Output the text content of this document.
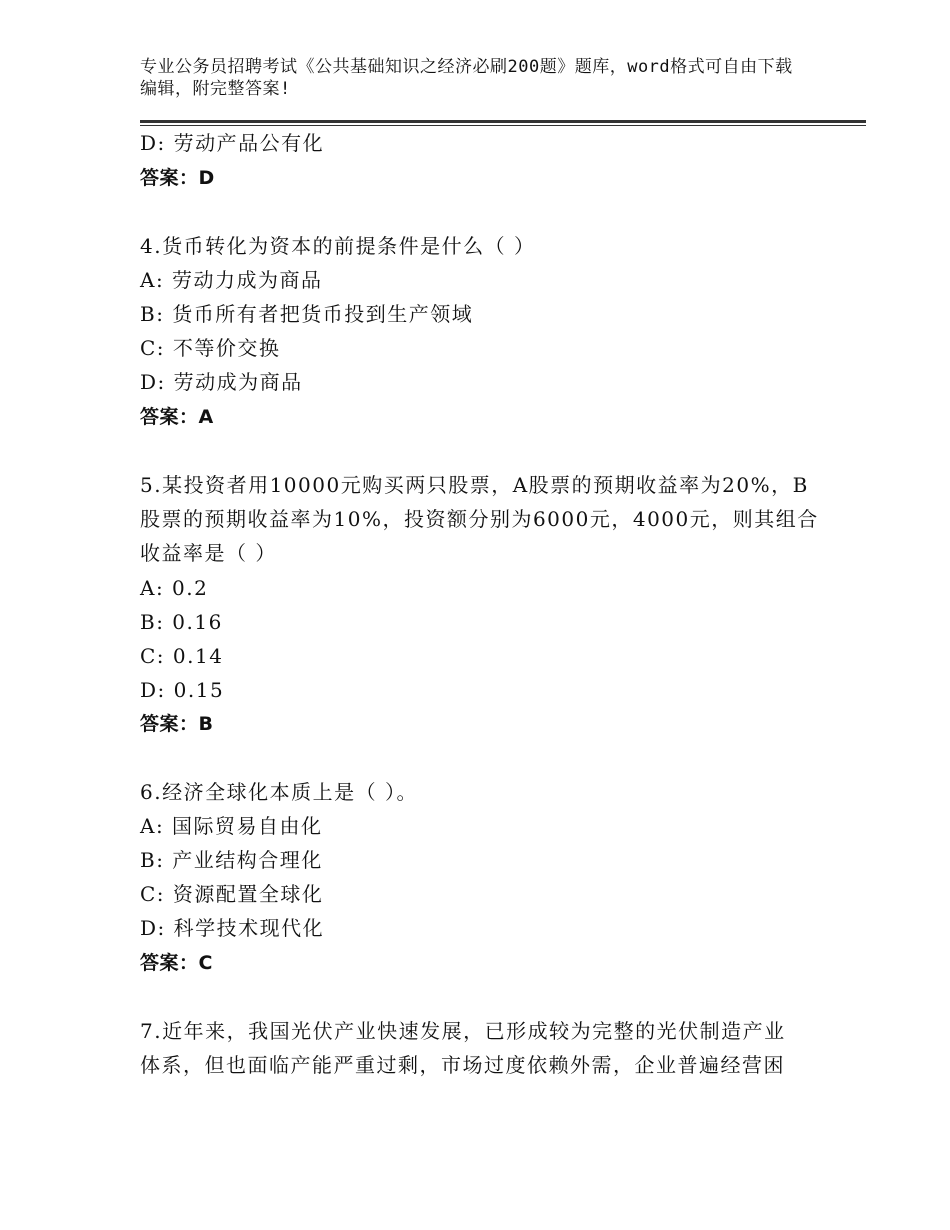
专业公务员招聘考试《公共基础知识之经济必刷200题》题库，word格式可自由下载编辑，附完整答案!
D: 劳动产品公有化
答案：D
4.货币转化为资本的前提条件是什么（ ）
A: 劳动力成为商品
B: 货币所有者把货币投到生产领域
C: 不等价交换
D: 劳动成为商品
答案：A
5.某投资者用10000元购买两只股票，A股票的预期收益率为20%，B
股票的预期收益率为10%，投资额分别为6000元，4000元，则其组合
收益率是（ ）
A: 0.2
B: 0.16
C: 0.14
D: 0.15
答案：B
6.经济全球化本质上是（ ）。
A: 国际贸易自由化
B: 产业结构合理化
C: 资源配置全球化
D: 科学技术现代化
答案：C
7.近年来，我国光伏产业快速发展，已形成较为完整的光伏制造产业
体系，但也面临产能严重过剩，市场过度依赖外需，企业普遍经营困
